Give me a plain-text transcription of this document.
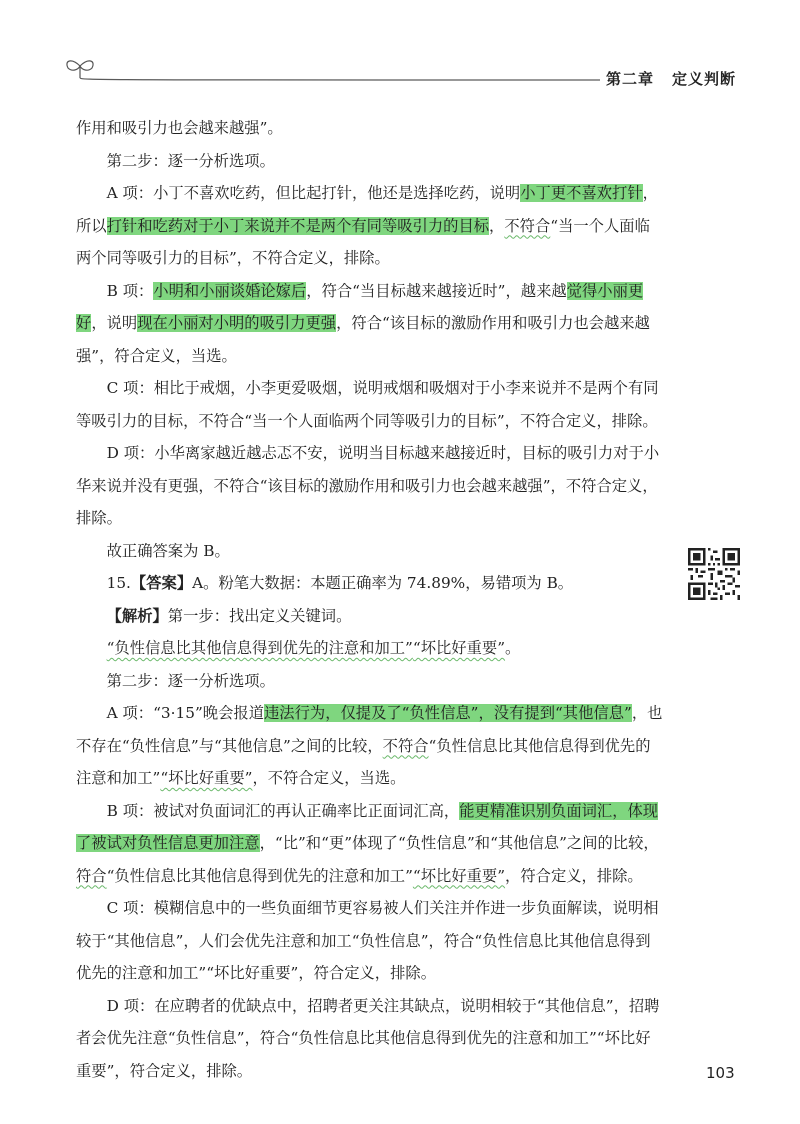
第二章 定义判断

作用和吸引力也会越来越强”。

第二步：逐一分析选项。

A 项：小丁不喜欢吃药，但比起打针，他还是选择吃药，说明小丁更不喜欢打针，所以打针和吃药对于小丁来说并不是两个有同等吸引力的目标，不符合“当一个人面临两个同等吸引力的目标”，不符合定义，排除。

B 项：小明和小丽谈婚论嫁后，符合“当目标越来越接近时”，越来越觉得小丽更好，说明现在小丽对小明的吸引力更强，符合“该目标的激励作用和吸引力也会越来越强”，符合定义，当选。

C 项：相比于戒烟，小李更爱吸烟，说明戒烟和吸烟对于小李来说并不是两个有同等吸引力的目标，不符合“当一个人面临两个同等吸引力的目标”，不符合定义，排除。

D 项：小华离家越近越忐忑不安，说明当目标越来越接近时，目标的吸引力对于小华来说并没有更强，不符合“该目标的激励作用和吸引力也会越来越强”，不符合定义，排除。

故正确答案为 B。

15.【答案】A。粉笔大数据：本题正确率为 74.89%，易错项为 B。

【解析】第一步：找出定义关键词。

“负性信息比其他信息得到优先的注意和加工”“坏比好重要”。

第二步：逐一分析选项。

A 项：“3·15”晚会报道违法行为，仅提及了“负性信息”，没有提到“其他信息”，也不存在“负性信息”与“其他信息”之间的比较，不符合“负性信息比其他信息得到优先的注意和加工”“坏比好重要”，不符合定义，当选。

B 项：被试对负面词汇的再认正确率比正面词汇高，能更精准识别负面词汇，体现了被试对负性信息更加注意，“比”和“更”体现了“负性信息”和“其他信息”之间的比较，符合“负性信息比其他信息得到优先的注意和加工”“坏比好重要”，符合定义，排除。

C 项：模糊信息中的一些负面细节更容易被人们关注并作进一步负面解读，说明相较于“其他信息”，人们会优先注意和加工“负性信息”，符合“负性信息比其他信息得到优先的注意和加工”“坏比好重要”，符合定义，排除。

D 项：在应聘者的优缺点中，招聘者更关注其缺点，说明相较于“其他信息”，招聘者会优先注意“负性信息”，符合“负性信息比其他信息得到优先的注意和加工”“坏比好重要”，符合定义，排除。	103
